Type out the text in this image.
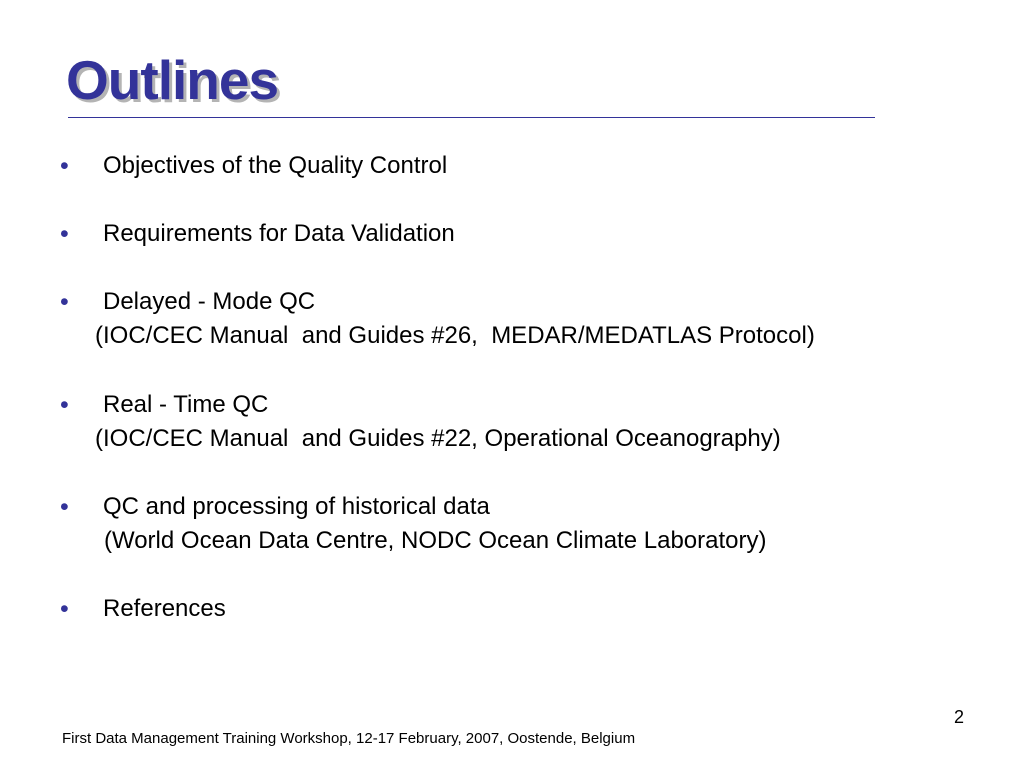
Outlines
•	Objectives of the Quality Control
•	Requirements for Data Validation
•	Delayed - Mode QC
(IOC/CEC Manual  and Guides #26,  MEDAR/MEDATLAS Protocol)
•	Real - Time QC
(IOC/CEC Manual  and Guides #22, Operational Oceanography)
•	QC and processing of historical data
(World Ocean Data Centre, NODC Ocean Climate Laboratory)
•	References
2
First Data Management Training Workshop, 12-17 February, 2007, Oostende, Belgium
